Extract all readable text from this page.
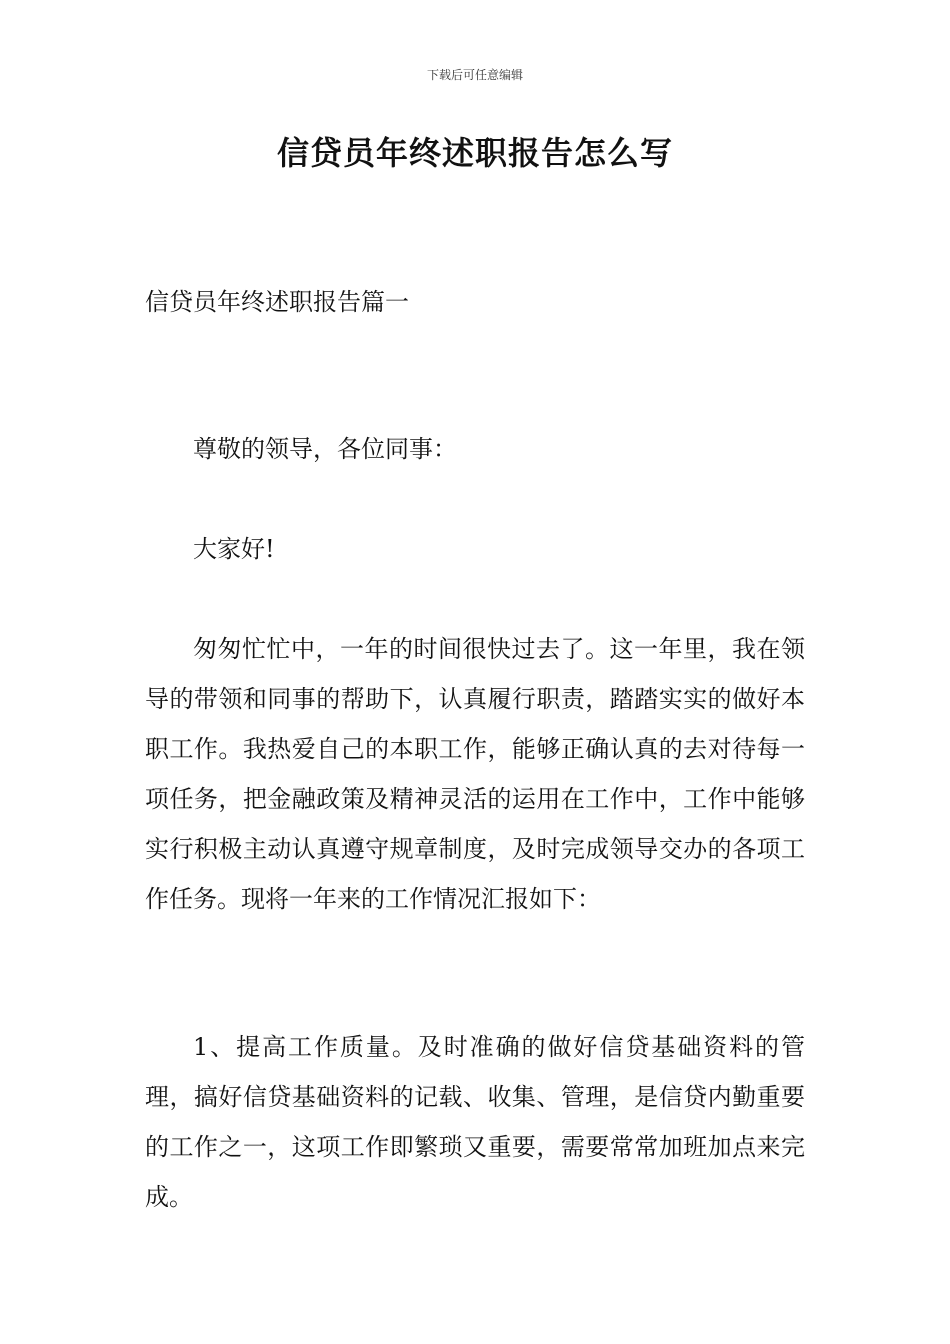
下载后可任意编辑
信贷员年终述职报告怎么写
信贷员年终述职报告篇一

尊敬的领导，各位同事：

大家好!

匆匆忙忙中，一年的时间很快过去了。这一年里，我在领导的带领和同事的帮助下，认真履行职责，踏踏实实的做好本职工作。我热爱自己的本职工作，能够正确认真的去对待每一项任务，把金融政策及精神灵活的运用在工作中，工作中能够实行积极主动认真遵守规章制度，及时完成领导交办的各项工作任务。现将一年来的工作情况汇报如下：

1、提高工作质量。及时准确的做好信贷基础资料的管理，搞好信贷基础资料的记载、收集、管理，是信贷内勤重要的工作之一，这项工作即繁琐又重要，需要常常加班加点来完成。
